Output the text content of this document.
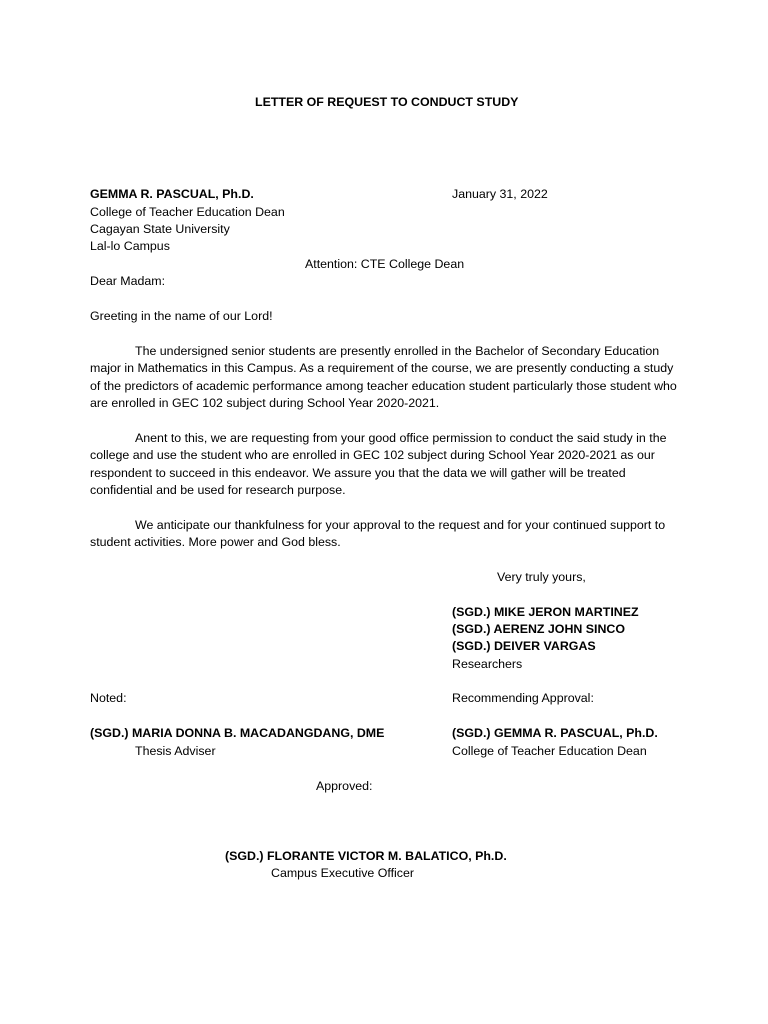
LETTER OF REQUEST TO CONDUCT STUDY
GEMMA R. PASCUAL, Ph.D.	January 31, 2022
College of Teacher Education Dean
Cagayan State University
Lal-lo Campus
Attention: CTE College Dean
Dear Madam:
Greeting in the name of our Lord!
The undersigned senior students are presently enrolled in the Bachelor of Secondary Education major in Mathematics in this Campus. As a requirement of the course, we are presently conducting a study of the predictors of academic performance among teacher education student particularly those student who are enrolled in GEC 102 subject during School Year 2020-2021.
Anent to this, we are requesting from your good office permission to conduct the said study in the college and use the student who are enrolled in GEC 102 subject during School Year 2020-2021 as our respondent to succeed in this endeavor. We assure you that the data we will gather will be treated confidential and be used for research purpose.
We anticipate our thankfulness for your approval to the request and for your continued support to student activities. More power and God bless.
Very truly yours,
(SGD.) MIKE JERON MARTINEZ
(SGD.) AERENZ JOHN SINCO
(SGD.) DEIVER VARGAS
Researchers
Noted:	Recommending Approval:
(SGD.) MARIA DONNA B. MACADANGDANG, DME	(SGD.) GEMMA R. PASCUAL, Ph.D.
Thesis Adviser	College of Teacher Education Dean
Approved:
(SGD.) FLORANTE VICTOR M. BALATICO, Ph.D.
Campus Executive Officer
